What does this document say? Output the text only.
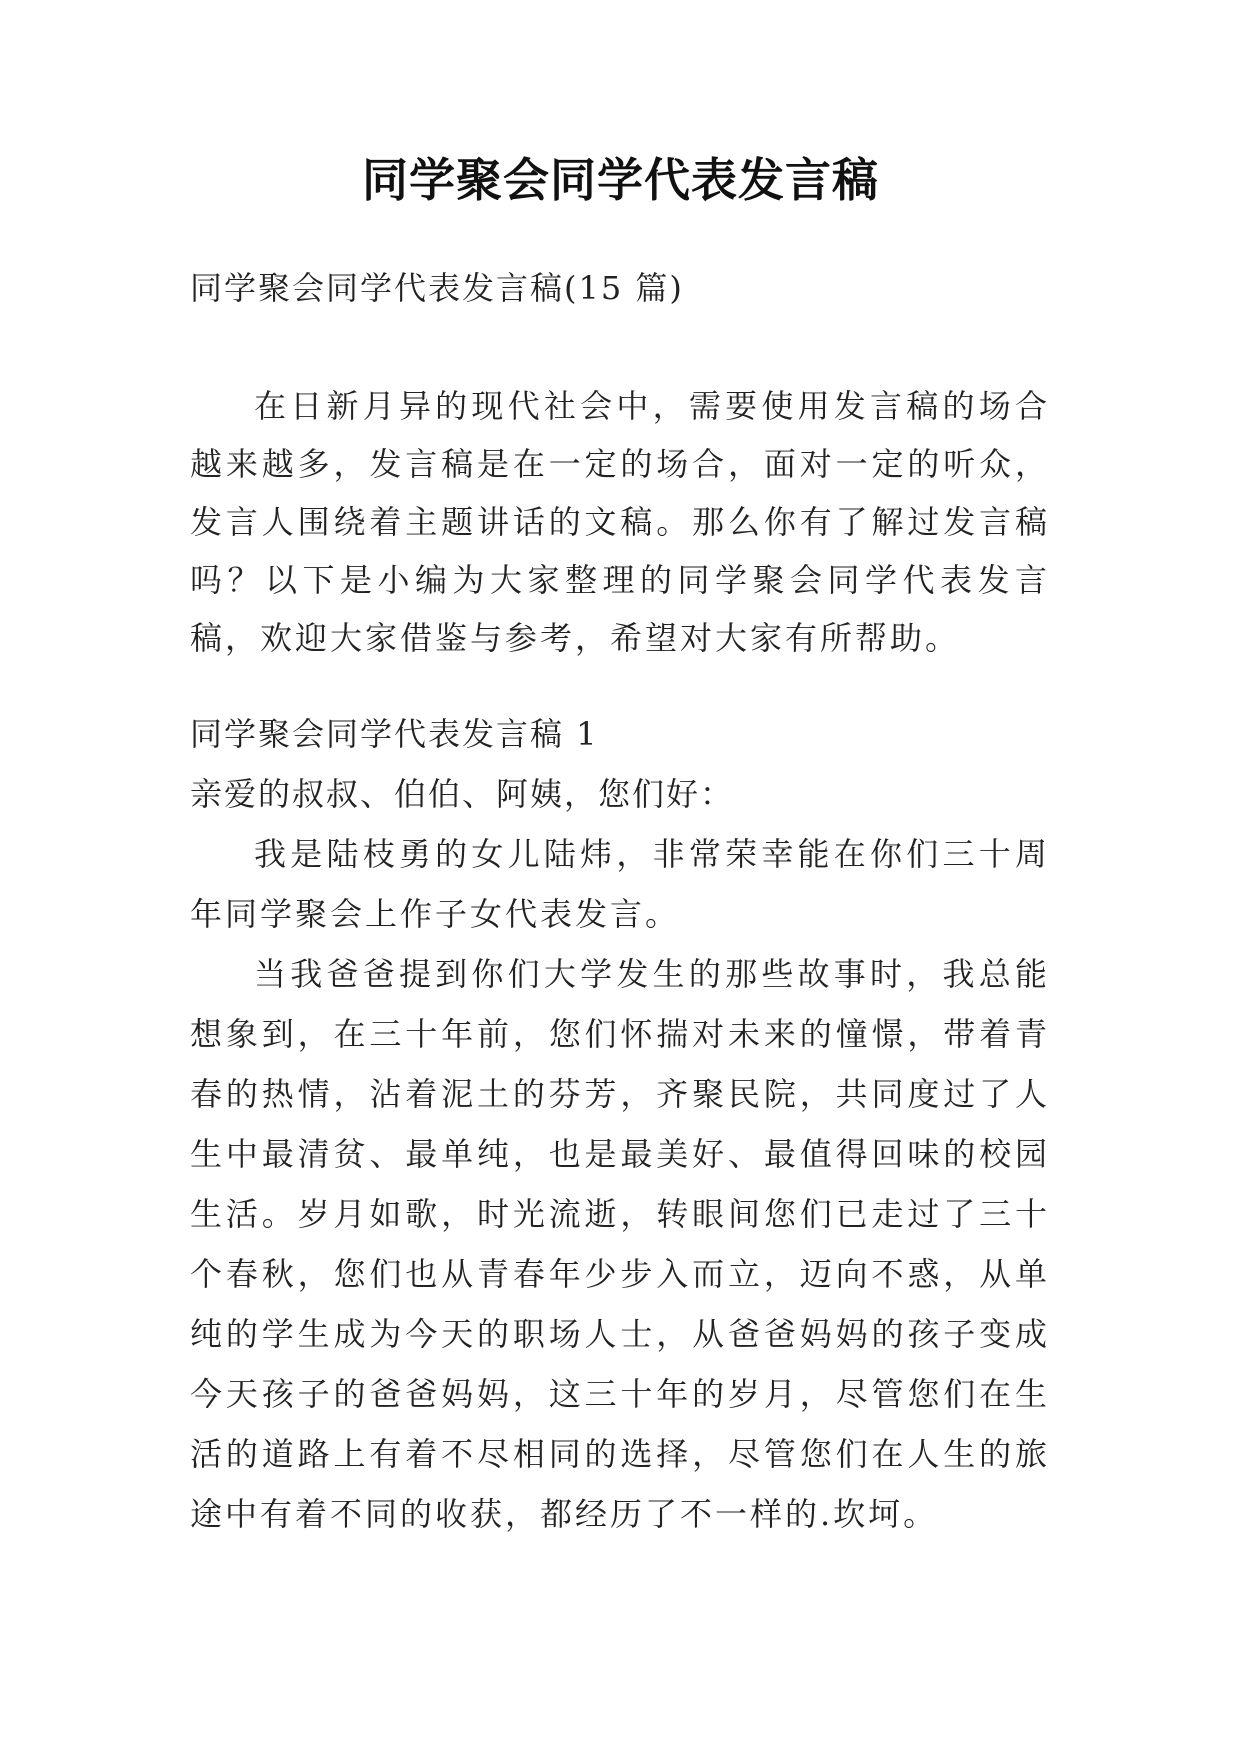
同学聚会同学代表发言稿

同学聚会同学代表发言稿(15 篇)

在日新月异的现代社会中，需要使用发言稿的场合越来越多，发言稿是在一定的场合，面对一定的听众，发言人围绕着主题讲话的文稿。那么你有了解过发言稿吗？以下是小编为大家整理的同学聚会同学代表发言稿，欢迎大家借鉴与参考，希望对大家有所帮助。

同学聚会同学代表发言稿 1

亲爱的叔叔、伯伯、阿姨，您们好：

我是陆枝勇的女儿陆炜，非常荣幸能在你们三十周年同学聚会上作子女代表发言。

当我爸爸提到你们大学发生的那些故事时，我总能想象到，在三十年前，您们怀揣对未来的憧憬，带着青春的热情，沾着泥土的芬芳，齐聚民院，共同度过了人生中最清贫、最单纯，也是最美好、最值得回味的校园生活。岁月如歌，时光流逝，转眼间您们已走过了三十个春秋，您们也从青春年少步入而立，迈向不惑，从单纯的学生成为今天的职场人士，从爸爸妈妈的孩子变成今天孩子的爸爸妈妈，这三十年的岁月，尽管您们在生活的道路上有着不尽相同的选择，尽管您们在人生的旅途中有着不同的收获，都经历了不一样的.坎坷。
